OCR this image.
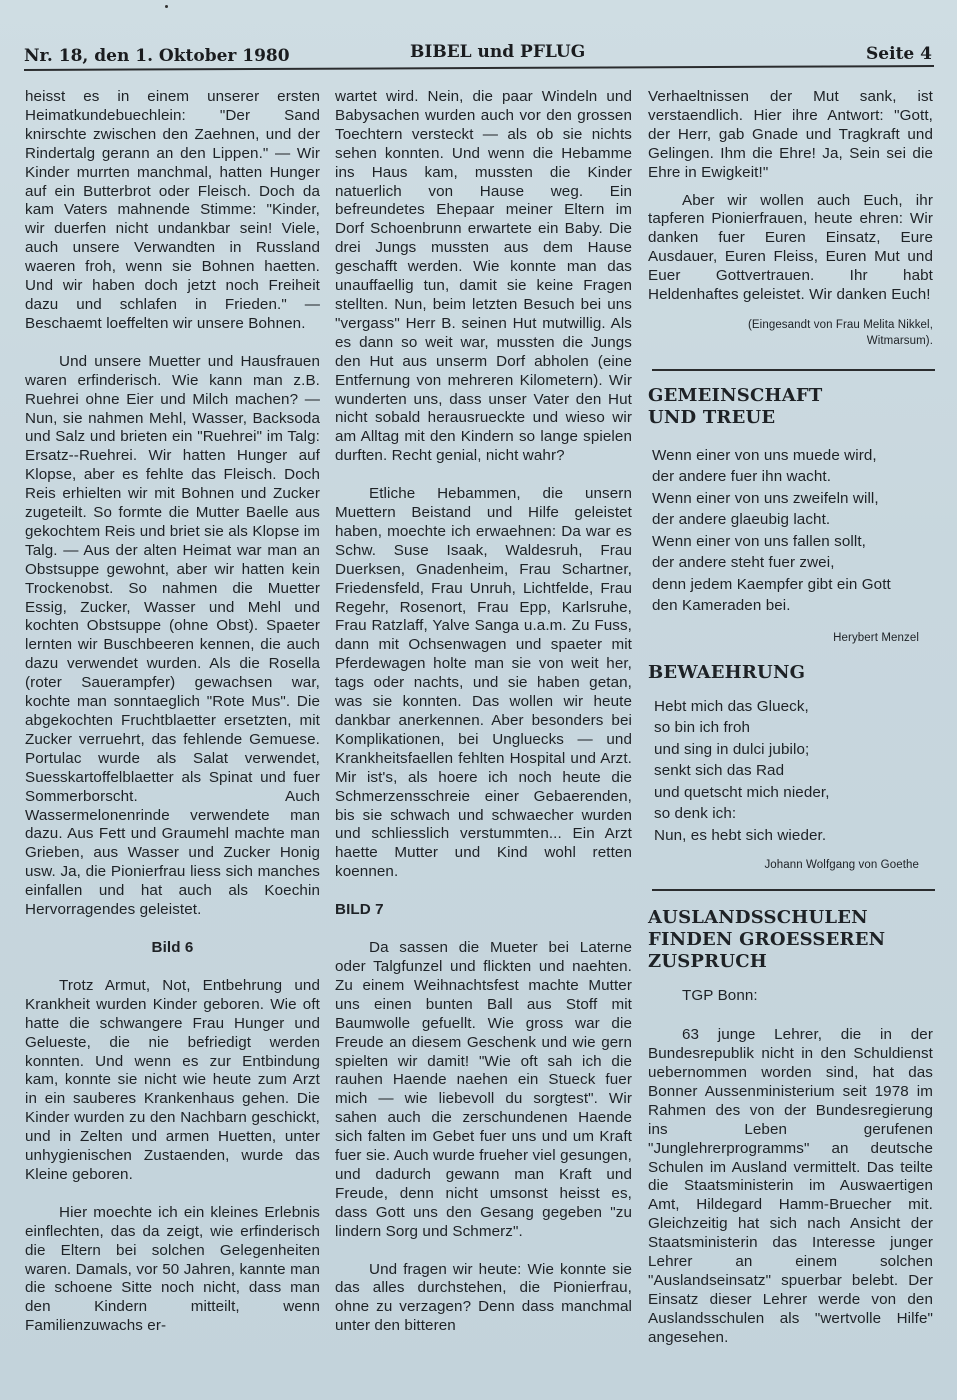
Nr. 18, den 1. Oktober 1980	BIBEL und PFLUG	Seite 4

heisst es in einem unserer ersten Heimatkundebuechlein: "Der Sand knirschte zwischen den Zaehnen, und der Rindertalg gerann an den Lippen." — Wir Kinder murrten manchmal, hatten Hunger auf ein Butterbrot oder Fleisch. Doch da kam Vaters mahnende Stimme: "Kinder, wir duerfen nicht undankbar sein! Viele, auch unsere Verwandten in Russland waeren froh, wenn sie Bohnen haetten. Und wir haben doch jetzt noch Freiheit dazu und schlafen in Frieden." — Beschaemt loeffelten wir unsere Bohnen.

Und unsere Muetter und Hausfrauen waren erfinderisch. Wie kann man z.B. Ruehrei ohne Eier und Milch machen? — Nun, sie nahmen Mehl, Wasser, Backsoda und Salz und brieten ein "Ruehrei" im Talg: Ersatz--Ruehrei. Wir hatten Hunger auf Klopse, aber es fehlte das Fleisch. Doch Reis erhielten wir mit Bohnen und Zucker zugeteilt. So formte die Mutter Baelle aus gekochtem Reis und briet sie als Klopse im Talg. — Aus der alten Heimat war man an Obstsuppe gewohnt, aber wir hatten kein Trockenobst. So nahmen die Muetter Essig, Zucker, Wasser und Mehl und kochten Obstsuppe (ohne Obst). Spaeter lernten wir Buschbeeren kennen, die auch dazu verwendet wurden. Als die Rosella (roter Sauerampfer) gewachsen war, kochte man sonntaeglich "Rote Mus". Die abgekochten Fruchtblaetter ersetzten, mit Zucker verruehrt, das fehlende Gemuese. Portulac wurde als Salat verwendet, Suesskartoffelblaetter als Spinat und fuer Sommerborscht. Auch Wassermelonenrinde verwendete man dazu. Aus Fett und Graumehl machte man Grieben, aus Wasser und Zucker Honig usw. Ja, die Pionierfrau liess sich manches einfallen und hat auch als Koechin Hervorragendes geleistet.

Bild 6

Trotz Armut, Not, Entbehrung und Krankheit wurden Kinder geboren. Wie oft hatte die schwangere Frau Hunger und Gelueste, die nie befriedigt werden konnten. Und wenn es zur Entbindung kam, konnte sie nicht wie heute zum Arzt in ein sauberes Krankenhaus gehen. Die Kinder wurden zu den Nachbarn geschickt, und in Zelten und armen Huetten, unter unhygienischen Zustaenden, wurde das Kleine geboren.

Hier moechte ich ein kleines Erlebnis einflechten, das da zeigt, wie erfinderisch die Eltern bei solchen Gelegenheiten waren. Damals, vor 50 Jahren, kannte man die schoene Sitte noch nicht, dass man den Kindern mitteilt, wenn Familienzuwachs er-

wartet wird. Nein, die paar Windeln und Babysachen wurden auch vor den grossen Toechtern versteckt — als ob sie nichts sehen konnten. Und wenn die Hebamme ins Haus kam, mussten die Kinder natuerlich von Hause weg. Ein befreundetes Ehepaar meiner Eltern im Dorf Schoenbrunn erwartete ein Baby. Die drei Jungs mussten aus dem Hause geschafft werden. Wie konnte man das unauffaellig tun, damit sie keine Fragen stellten. Nun, beim letzten Besuch bei uns "vergass" Herr B. seinen Hut mutwillig. Als es dann so weit war, mussten die Jungs den Hut aus unserm Dorf abholen (eine Entfernung von mehreren Kilometern). Wir wunderten uns, dass unser Vater den Hut nicht sobald herausrueckte und wieso wir am Alltag mit den Kindern so lange spielen durften. Recht genial, nicht wahr?

Etliche Hebammen, die unsern Muettern Beistand und Hilfe geleistet haben, moechte ich erwaehnen: Da war es Schw. Suse Isaak, Waldesruh, Frau Duerksen, Gnadenheim, Frau Schartner, Friedensfeld, Frau Unruh, Lichtfelde, Frau Regehr, Rosenort, Frau Epp, Karlsruhe, Frau Ratzlaff, Yalve Sanga u.a.m. Zu Fuss, dann mit Ochsenwagen und spaeter mit Pferdewagen holte man sie von weit her, tags oder nachts, und sie haben getan, was sie konnten. Das wollen wir heute dankbar anerkennen. Aber besonders bei Komplikationen, bei Ungluecks — und Krankheitsfaellen fehlten Hospital und Arzt. Mir ist's, als hoere ich noch heute die Schmerzensschreie einer Gebaerenden, bis sie schwach und schwaecher wurden und schliesslich verstummten... Ein Arzt haette Mutter und Kind wohl retten koennen.

BILD 7

Da sassen die Mueter bei Laterne oder Talgfunzel und flickten und naehten. Zu einem Weihnachtsfest machte Mutter uns einen bunten Ball aus Stoff mit Baumwolle gefuellt. Wie gross war die Freude an diesem Geschenk und wie gern spielten wir damit! "Wie oft sah ich die rauhen Haende naehen ein Stueck fuer mich — wie liebevoll du sorgtest". Wir sahen auch die zerschundenen Haende sich falten im Gebet fuer uns und um Kraft fuer sie. Auch wurde frueher viel gesungen, und dadurch gewann man Kraft und Freude, denn nicht umsonst heisst es, dass Gott uns den Gesang gegeben "zu lindern Sorg und Schmerz".

Und fragen wir heute: Wie konnte sie das alles durchstehen, die Pionierfrau, ohne zu verzagen? Denn dass manchmal unter den bitteren

Verhaeltnissen der Mut sank, ist verstaendlich. Hier ihre Antwort: "Gott, der Herr, gab Gnade und Tragkraft und Gelingen. Ihm die Ehre! Ja, Sein sei die Ehre in Ewigkeit!"

Aber wir wollen auch Euch, ihr tapferen Pionierfrauen, heute ehren: Wir danken fuer Euren Einsatz, Eure Ausdauer, Euren Fleiss, Euren Mut und Euer Gottvertrauen. Ihr habt Heldenhaftes geleistet. Wir danken Euch!

(Eingesandt von Frau Melita Nikkel,

Witmarsum).

GEMEINSCHAFT

UND TREUE

Wenn einer von uns muede wird,

der andere fuer ihn wacht.

Wenn einer von uns zweifeln will,

der andere glaeubig lacht.

Wenn einer von uns fallen sollt,

der andere steht fuer zwei,

denn jedem Kaempfer gibt ein Gott

den Kameraden bei.

Herybert Menzel

BEWAEHRUNG

Hebt mich das Glueck,

so bin ich froh

und sing in dulci jubilo;

senkt sich das Rad

und quetscht mich nieder,

so denk ich:

Nun, es hebt sich wieder.

Johann Wolfgang von Goethe

AUSLANDSSCHULEN

FINDEN GROESSEREN

ZUSPRUCH

TGP Bonn:

63 junge Lehrer, die in der Bundesrepublik nicht in den Schuldienst uebernommen worden sind, hat das Bonner Aussenministerium seit 1978 im Rahmen des von der Bundesregierung ins Leben gerufenen "Junglehrerprogramms" an deutsche Schulen im Ausland vermittelt. Das teilte die Staatsministerin im Auswaertigen Amt, Hildegard Hamm-Bruecher mit. Gleichzeitig hat sich nach Ansicht der Staatsministerin das Interesse junger Lehrer an einem solchen "Auslandseinsatz" spuerbar belebt. Der Einsatz dieser Lehrer werde von den Auslandsschulen als "wertvolle Hilfe" angesehen.
